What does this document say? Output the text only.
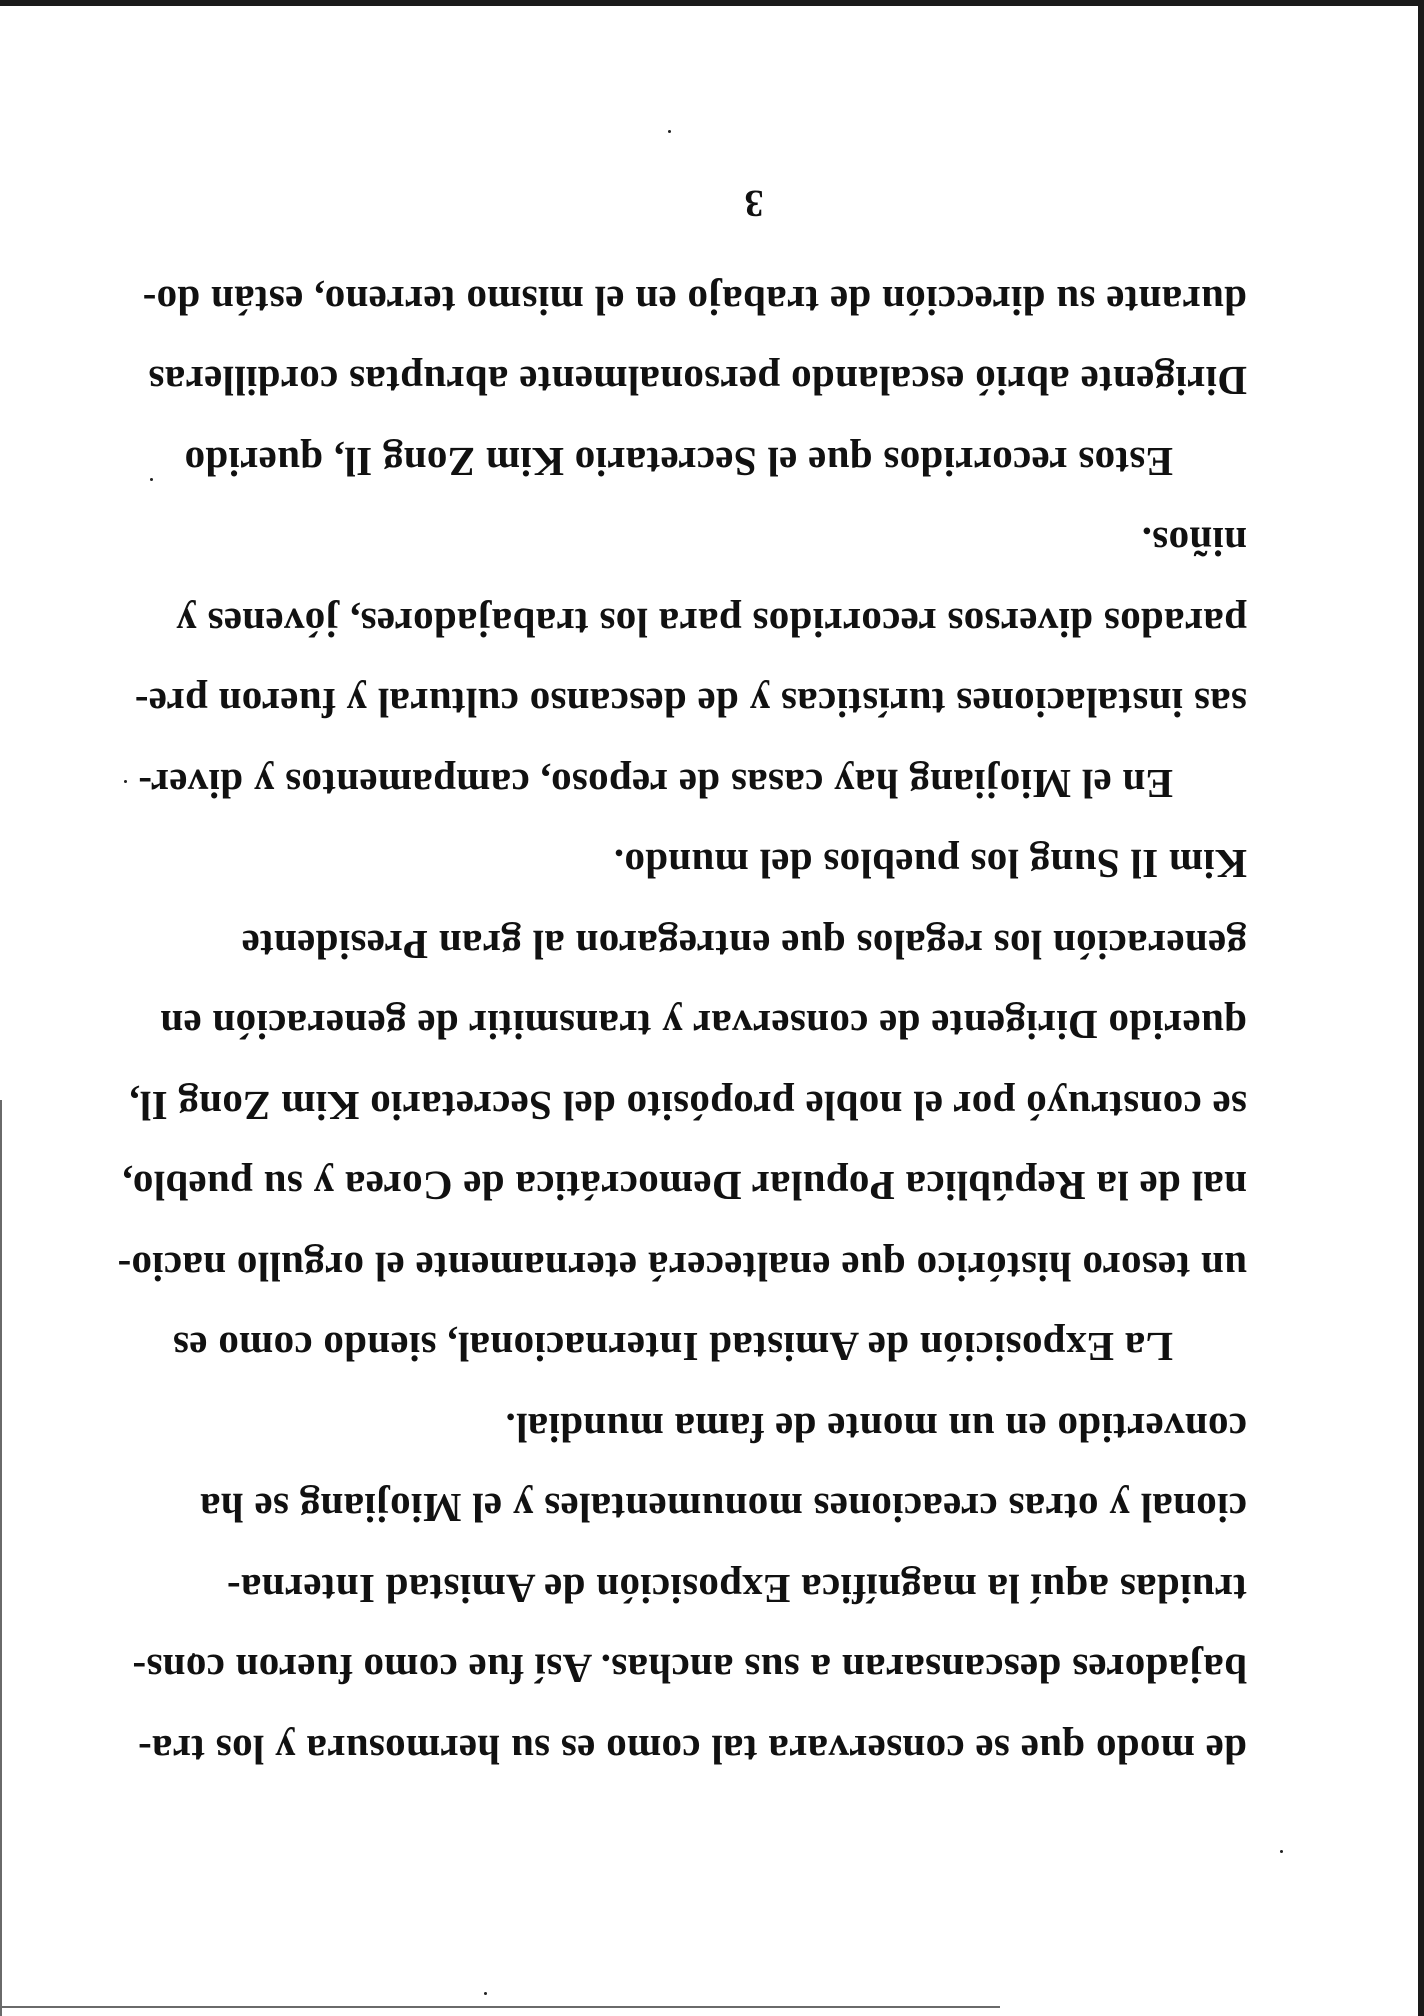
de modo que se conservara tal como es su hermosura y los tra-
bajadores descansaran a sus anchas. Así fue como fueron cons-
truidas aquí la magnífica Exposición de Amistad Interna-
cional y otras creaciones monumentales y el Miojiang se ha
convertido en un monte de fama mundial.
La Exposición de Amistad Internacional, siendo como es
un tesoro histórico que enaltecerá eternamente el orgullo nacio-
nal de la República Popular Democrática de Corea y su pueblo,
se construyó por el noble propósito del Secretario Kim Zong Il,
querido Dirigente de conservar y transmitir de generación en
generación los regalos que entregaron al gran Presidente
Kim Il Sung los pueblos del mundo.
En el Miojiang hay casas de reposo, campamentos y diver-
sas instalaciones turísticas y de descanso cultural y fueron pre-
parados diversos recorridos para los trabajadores, jóvenes y
niños.
Estos recorridos que el Secretario Kim Zong Il, querido
Dirigente abrió escalando personalmente abruptas cordilleras
durante su dirección de trabajo en el mismo terreno, están do-
3
